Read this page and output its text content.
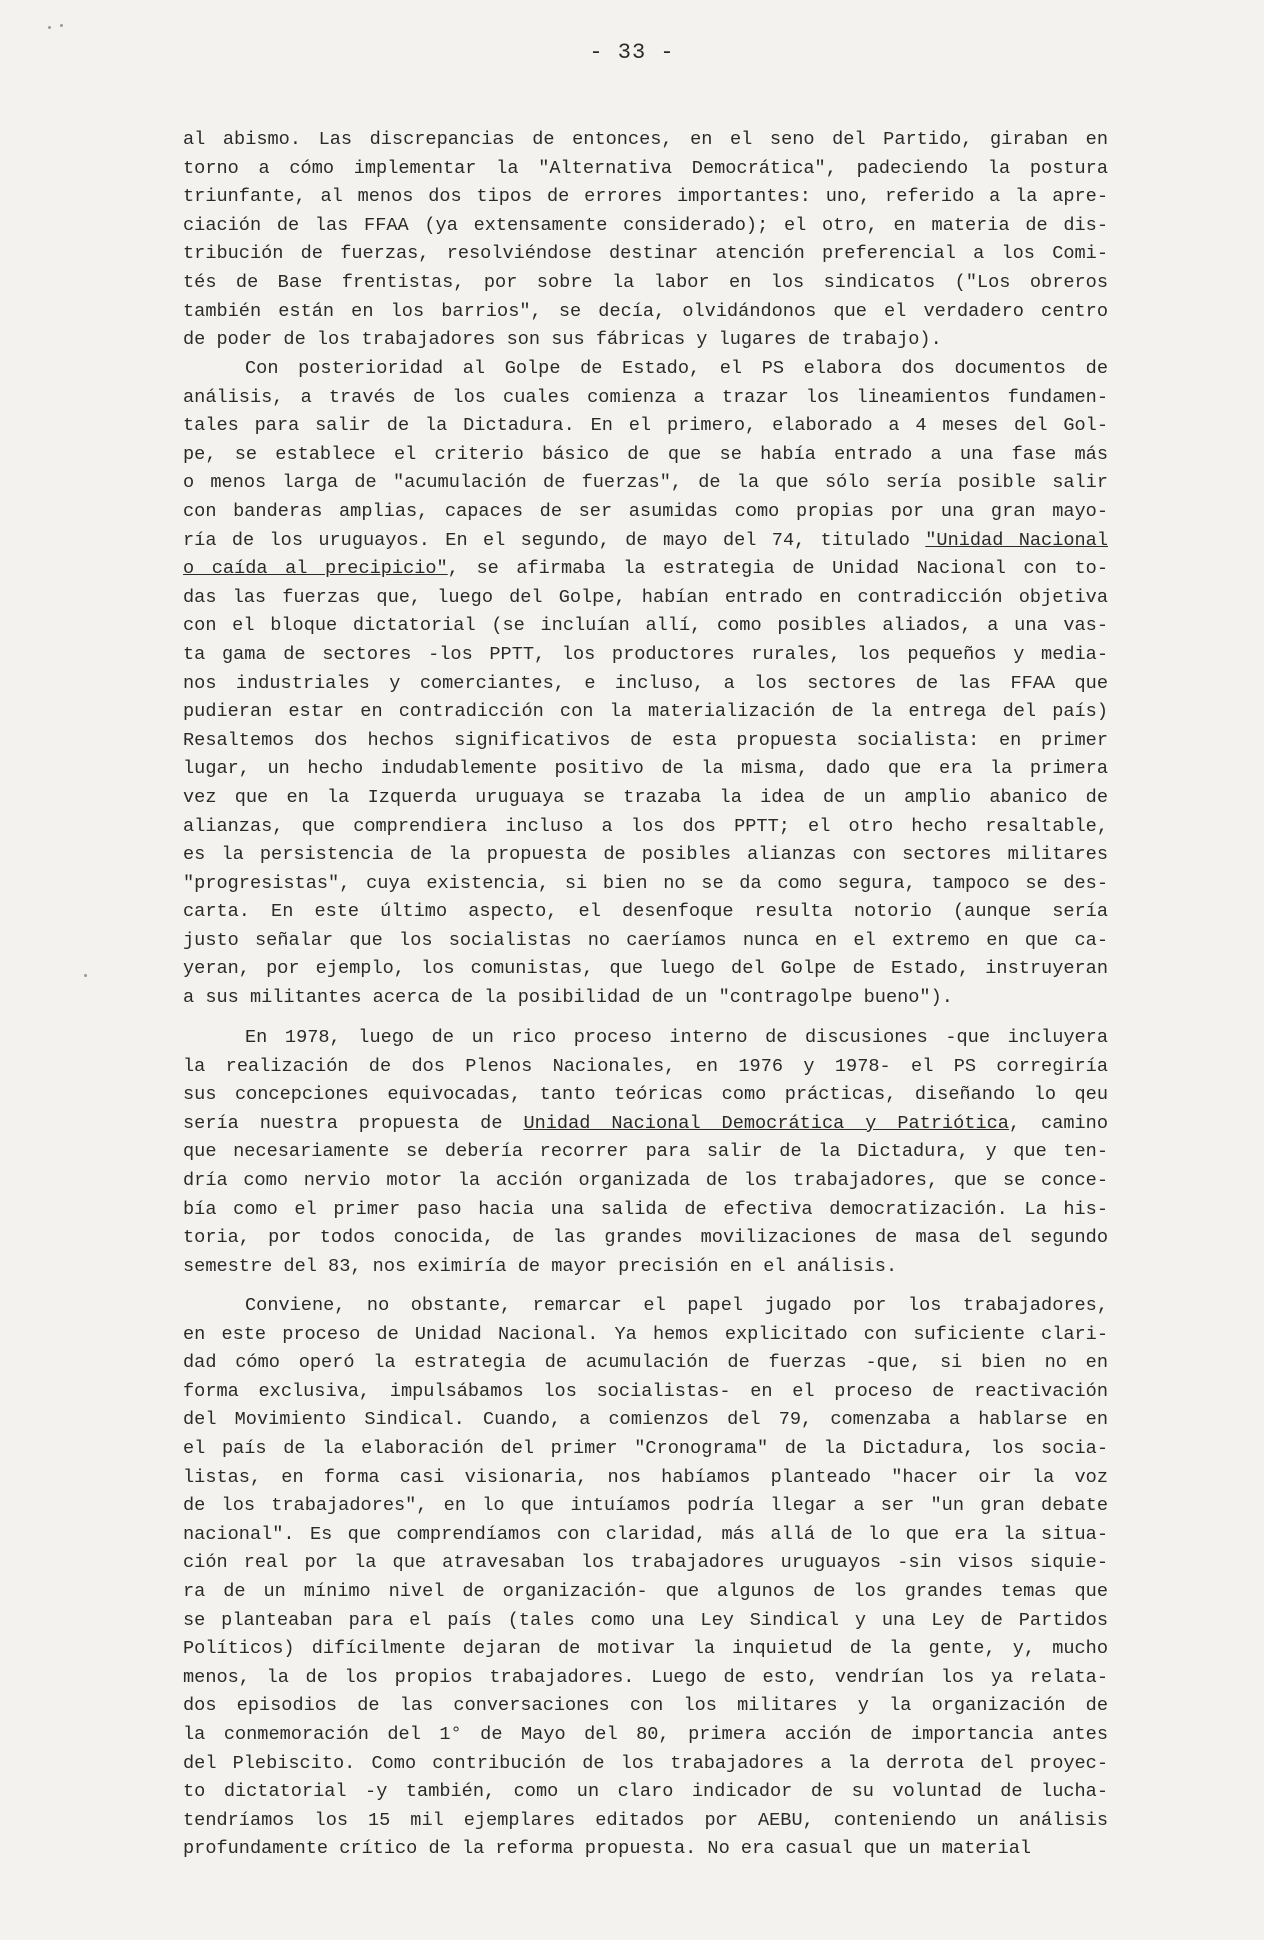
- 33 -
al abismo. Las discrepancias de entonces, en el seno del Partido, giraban en
torno a cómo implementar la "Alternativa Democrática", padeciendo la postura
triunfante, al menos dos tipos de errores importantes: uno, referido a la apre-
ciación de las FFAA (ya extensamente considerado); el otro, en materia de dis-
tribución de fuerzas, resolviéndose destinar atención preferencial a los Comi-
tés de Base frentistas, por sobre la labor en los sindicatos ("Los obreros
también están en los barrios", se decía, olvidándonos que el verdadero centro
de poder de los trabajadores son sus fábricas y lugares de trabajo).
Con posterioridad al Golpe de Estado, el PS elabora dos documentos de
análisis, a través de los cuales comienza a trazar los lineamientos fundamen-
tales para salir de la Dictadura. En el primero, elaborado a 4 meses del Gol-
pe, se establece el criterio básico de que se había entrado a una fase más
o menos larga de "acumulación de fuerzas", de la que sólo sería posible salir
con banderas amplias, capaces de ser asumidas como propias por una gran mayo-
ría de los uruguayos. En el segundo, de mayo del 74, titulado "Unidad Nacional
o caída al precipicio", se afirmaba la estrategia de Unidad Nacional con to-
das las fuerzas que, luego del Golpe, habían entrado en contradicción objetiva
con el bloque dictatorial (se incluían allí, como posibles aliados, a una vas-
ta gama de sectores -los PPTT, los productores rurales, los pequeños y media-
nos industriales y comerciantes, e incluso, a los sectores de las FFAA que
pudieran estar en contradicción con la materialización de la entrega del país)
Resaltemos dos hechos significativos de esta propuesta socialista: en primer
lugar, un hecho indudablemente positivo de la misma, dado que era la primera
vez que en la Izquerda uruguaya se trazaba la idea de un amplio abanico de
alianzas, que comprendiera incluso a los dos PPTT; el otro hecho resaltable,
es la persistencia de la propuesta de posibles alianzas con sectores militares
"progresistas", cuya existencia, si bien no se da como segura, tampoco se des-
carta. En este último aspecto, el desenfoque resulta notorio (aunque sería
justo señalar que los socialistas no caeríamos nunca en el extremo en que ca-
yeran, por ejemplo, los comunistas, que luego del Golpe de Estado, instruyeran
a sus militantes acerca de la posibilidad de un "contragolpe bueno").
En 1978, luego de un rico proceso interno de discusiones -que incluyera
la realización de dos Plenos Nacionales, en 1976 y 1978- el PS corregiría
sus concepciones equivocadas, tanto teóricas como prácticas, diseñando lo qeu
sería nuestra propuesta de Unidad Nacional Democrática y Patriótica, camino
que necesariamente se debería recorrer para salir de la Dictadura, y que ten-
dría como nervio motor la acción organizada de los trabajadores, que se conce-
bía como el primer paso hacia una salida de efectiva democratización. La his-
toria, por todos conocida, de las grandes movilizaciones de masa del segundo
semestre del 83, nos eximiría de mayor precisión en el análisis.
Conviene, no obstante, remarcar el papel jugado por los trabajadores,
en este proceso de Unidad Nacional. Ya hemos explicitado con suficiente clari-
dad cómo operó la estrategia de acumulación de fuerzas -que, si bien no en
forma exclusiva, impulsábamos los socialistas- en el proceso de reactivación
del Movimiento Sindical. Cuando, a comienzos del 79, comenzaba a hablarse en
el país de la elaboración del primer "Cronograma" de la Dictadura, los socia-
listas, en forma casi visionaria, nos habíamos planteado "hacer oir la voz
de los trabajadores", en lo que intuíamos podría llegar a ser "un gran debate
nacional". Es que comprendíamos con claridad, más allá de lo que era la situa-
ción real por la que atravesaban los trabajadores uruguayos -sin visos siquie-
ra de un mínimo nivel de organización- que algunos de los grandes temas que
se planteaban para el país (tales como una Ley Sindical y una Ley de Partidos
Políticos) difícilmente dejaran de motivar la inquietud de la gente, y, mucho
menos, la de los propios trabajadores. Luego de esto, vendrían los ya relata-
dos episodios de las conversaciones con los militares y la organización de
la conmemoración del 1° de Mayo del 80, primera acción de importancia antes
del Plebiscito. Como contribución de los trabajadores a la derrota del proyec-
to dictatorial -y también, como un claro indicador de su voluntad de lucha-
tendríamos los 15 mil ejemplares editados por AEBU, conteniendo un análisis
profundamente crítico de la reforma propuesta. No era casual que un material
